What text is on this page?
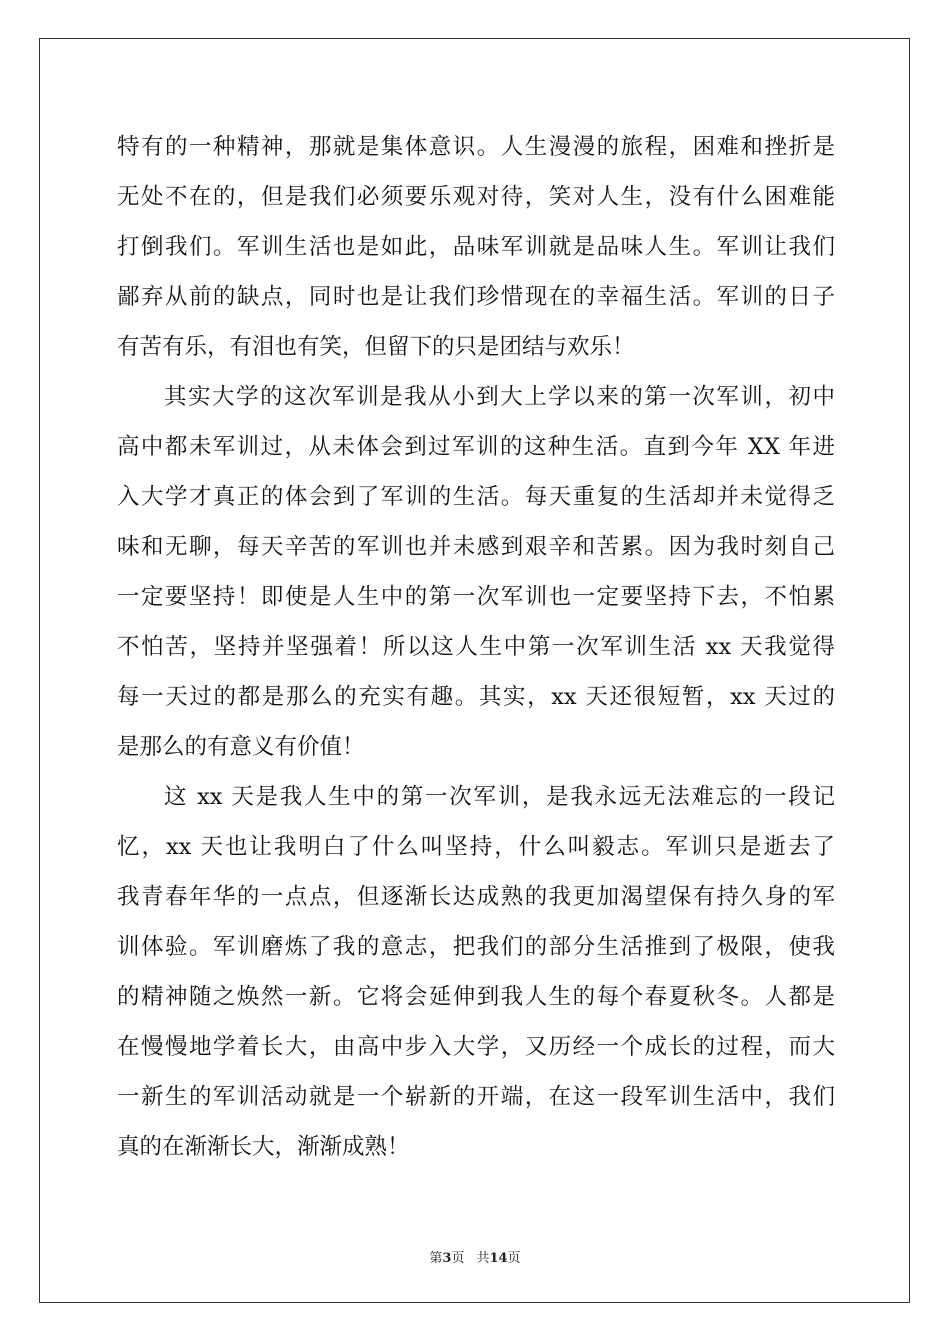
特有的一种精神，那就是集体意识。人生漫漫的旅程，困难和挫折是
无处不在的，但是我们必须要乐观对待，笑对人生，没有什么困难能
打倒我们。军训生活也是如此，品味军训就是品味人生。军训让我们
鄙弃从前的缺点，同时也是让我们珍惜现在的幸福生活。军训的日子
有苦有乐，有泪也有笑，但留下的只是团结与欢乐！
其实大学的这次军训是我从小到大上学以来的第一次军训，初中
高中都未军训过，从未体会到过军训的这种生活。直到今年 XX 年进
入大学才真正的体会到了军训的生活。每天重复的生活却并未觉得乏
味和无聊，每天辛苦的军训也并未感到艰辛和苦累。因为我时刻自己
一定要坚持！即使是人生中的第一次军训也一定要坚持下去，不怕累
不怕苦，坚持并坚强着！所以这人生中第一次军训生活 xx 天我觉得
每一天过的都是那么的充实有趣。其实，xx 天还很短暂，xx 天过的
是那么的有意义有价值！
这 xx 天是我人生中的第一次军训，是我永远无法难忘的一段记
忆，xx 天也让我明白了什么叫坚持，什么叫毅志。军训只是逝去了
我青春年华的一点点，但逐渐长达成熟的我更加渴望保有持久身的军
训体验。军训磨炼了我的意志，把我们的部分生活推到了极限，使我
的精神随之焕然一新。它将会延伸到我人生的每个春夏秋冬。人都是
在慢慢地学着长大，由高中步入大学，又历经一个成长的过程，而大
一新生的军训活动就是一个崭新的开端，在这一段军训生活中，我们
真的在渐渐长大，渐渐成熟！
第3页 共14页
